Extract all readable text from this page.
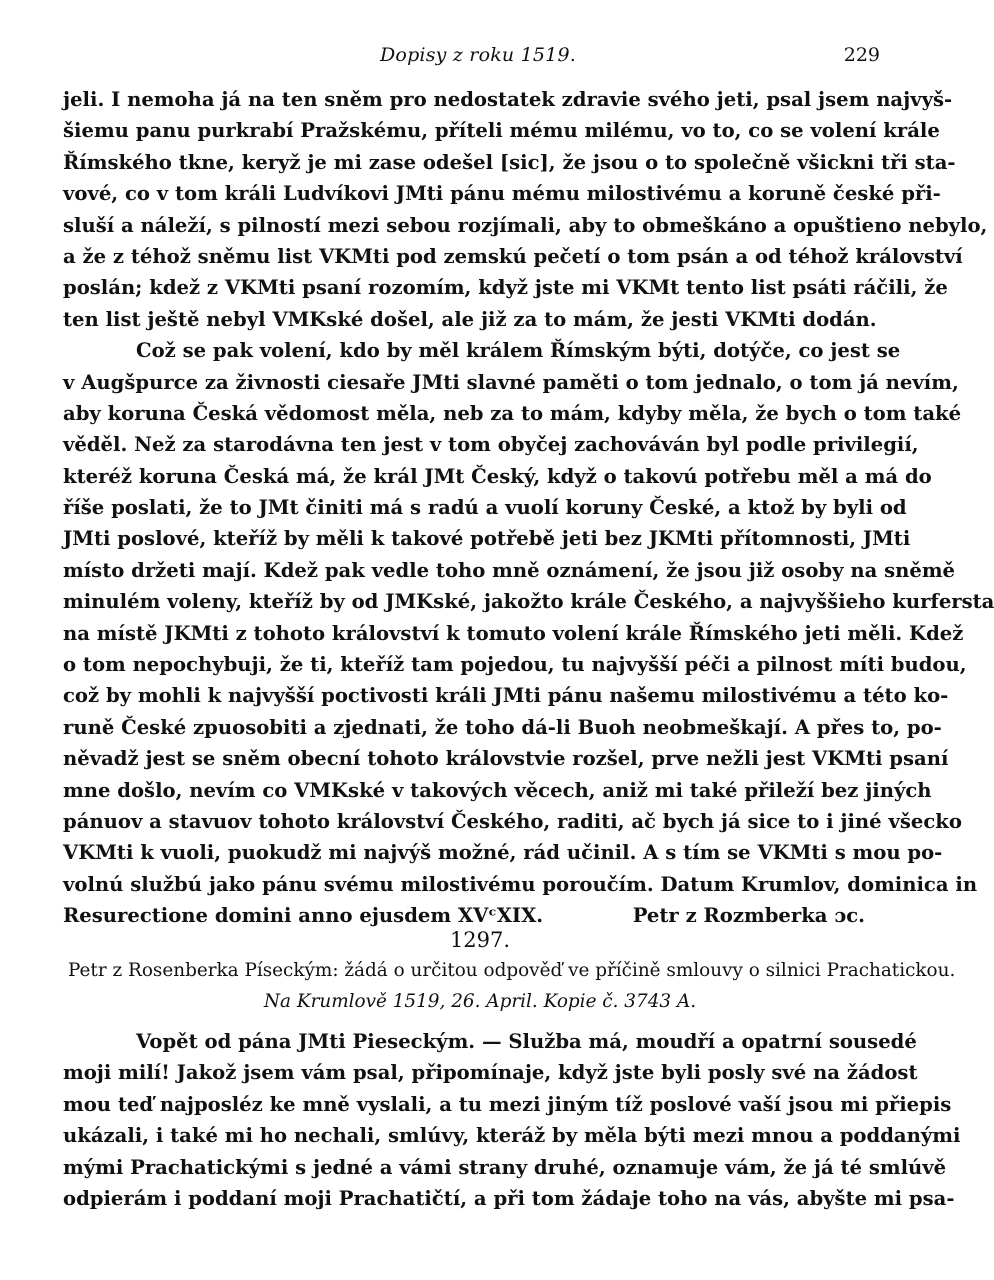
Dopisy z roku 1519.	229
jeli. I nemoha já na ten sněm pro nedostatek zdravie svého jeti, psal jsem najvyš-
šiemu panu purkrabí Pražskému, příteli mému milému, vo to, co se volení krále
Římského tkne, keryž je mi zase odešel [sic], že jsou o to společně všickni tři sta-
vové, co v tom králi Ludvíkovi JMti pánu mému milostivému a koruně české při-
sluší a náleží, s pilností mezi sebou rozjímali, aby to obmeškáno a opuštieno nebylo,
a že z téhož sněmu list VKMti pod zemskú pečetí o tom psán a od téhož království
poslán; kdež z VKMti psaní rozomím, když jste mi VKMt tento list psáti ráčili, že
ten list ještě nebyl VMKské došel, ale již za to mám, že jesti VKMti dodán.
Což se pak volení, kdo by měl králem Římským býti, dotýče, co jest se
v Augšpurce za živnosti ciesaře JMti slavné paměti o tom jednalo, o tom já nevím,
aby koruna Česká vědomost měla, neb za to mám, kdyby měla, že bych o tom také
věděl. Než za starodávna ten jest v tom obyčej zachováván byl podle privilegií,
kteréž koruna Česká má, že král JMt Český, když o takovú potřebu měl a má do
říše poslati, že to JMt činiti má s radú a vuolí koruny České, a ktož by byli od
JMti poslové, kteříž by měli k takové potřebě jeti bez JKMti přítomnosti, JMti
místo držeti mají. Kdež pak vedle toho mně oznámení, že jsou již osoby na sněmě
minulém voleny, kteříž by od JMKské, jakožto krále Českého, a najvyššieho kurfersta
na místě JKMti z tohoto království k tomuto volení krále Římského jeti měli. Kdež
o tom nepochybuji, že ti, kteříž tam pojedou, tu najvyšší péči a pilnost míti budou,
což by mohli k najvyšší poctivosti králi JMti pánu našemu milostivému a této ko-
runě České zpuosobiti a zjednati, že toho dá-li Buoh neobmeškají. A přes to, po-
něvadž jest se sněm obecní tohoto královstvie rozšel, prve nežli jest VKMti psaní
mne došlo, nevím co VMKské v takových věcech, aniž mi také přileží bez jiných
pánuov a stavuov tohoto království Českého, raditi, ač bych já sice to i jiné všecko
VKMti k vuoli, puokudž mi najvýš možné, rád učinil. A s tím se VKMti s mou po-
volnú službú jako pánu svému milostivému poroučím. Datum Krumlov, dominica in
Resurectione domini anno ejusdem XVᶜXIX.	Petr z Rozmberka ɔc.
1297.
Petr z Rosenberka Píseckým: žádá o určitou odpověď ve příčině smlouvy o silnici Prachatickou.
Na Krumlově 1519, 26. April. Kopie č. 3743 A.
Vopět od pána JMti Pieseckým. — Služba má, moudří a opatrní sousedé
moji milí! Jakož jsem vám psal, připomínaje, když jste byli posly své na žádost
mou teď najposléz ke mně vyslali, a tu mezi jiným tíž poslové vaší jsou mi přiepis
ukázali, i také mi ho nechali, smlúvy, kteráž by měla býti mezi mnou a poddanými
mými Prachatickými s jedné a vámi strany druhé, oznamuje vám, že já té smlúvě
odpierám i poddaní moji Prachatičtí, a při tom žádaje toho na vás, abyšte mi psa-
